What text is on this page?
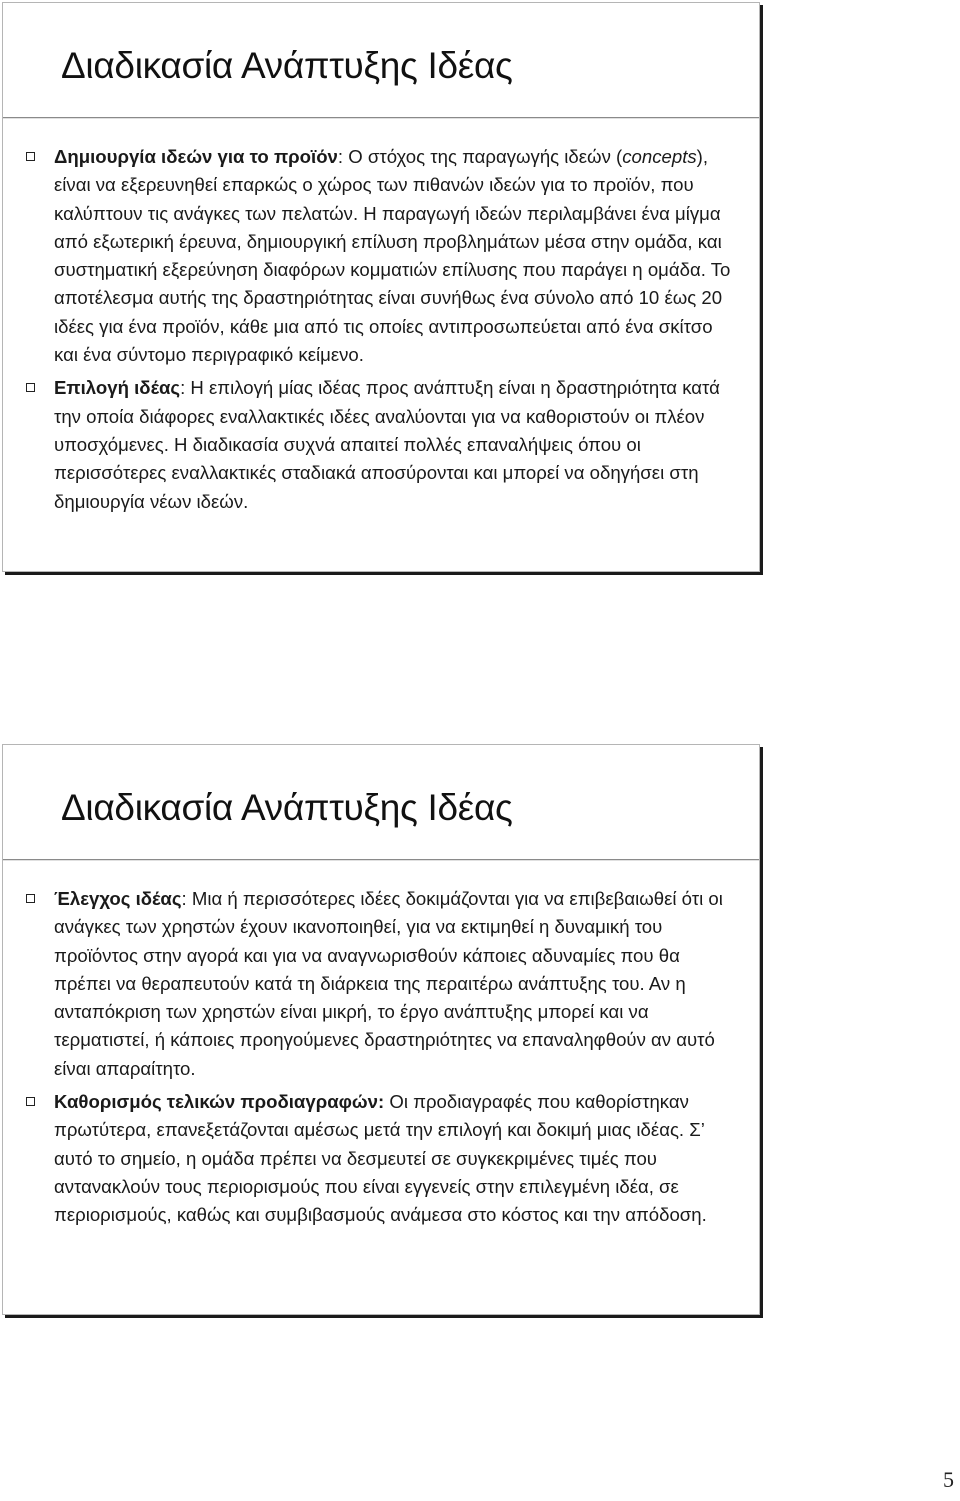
Διαδικασία Ανάπτυξης Ιδέας
Δημιουργία ιδεών για το προϊόν: Ο στόχος της παραγωγής ιδεών (concepts), είναι να εξερευνηθεί επαρκώς ο χώρος των πιθανών ιδεών για το προϊόν, που καλύπτουν τις ανάγκες των πελατών. Η παραγωγή ιδεών περιλαμβάνει ένα μίγμα από εξωτερική έρευνα, δημιουργική επίλυση προβλημάτων μέσα στην ομάδα, και συστηματική εξερεύνηση διαφόρων κομματιών επίλυσης που παράγει η ομάδα. Το αποτέλεσμα αυτής της δραστηριότητας είναι συνήθως ένα σύνολο από 10 έως 20 ιδέες για ένα προϊόν, κάθε μια από τις οποίες αντιπροσωπεύεται από ένα σκίτσο και ένα σύντομο περιγραφικό κείμενο.
Επιλογή ιδέας: Η επιλογή μίας ιδέας προς ανάπτυξη είναι η δραστηριότητα κατά την οποία διάφορες εναλλακτικές ιδέες αναλύονται για να καθοριστούν οι πλέον υποσχόμενες. Η διαδικασία συχνά απαιτεί πολλές επαναλήψεις όπου οι περισσότερες εναλλακτικές σταδιακά αποσύρονται και μπορεί να οδηγήσει στη δημιουργία νέων ιδεών.
Διαδικασία Ανάπτυξης Ιδέας
Έλεγχος ιδέας: Μια ή περισσότερες ιδέες δοκιμάζονται για να επιβεβαιωθεί ότι οι ανάγκες των χρηστών έχουν ικανοποιηθεί, για να εκτιμηθεί η δυναμική του προϊόντος στην αγορά και για να αναγνωρισθούν κάποιες αδυναμίες που θα πρέπει να θεραπευτούν κατά τη διάρκεια της περαιτέρω ανάπτυξης του. Αν η ανταπόκριση των χρηστών είναι μικρή, το έργο ανάπτυξης μπορεί και να τερματιστεί, ή κάποιες προηγούμενες δραστηριότητες να επαναληφθούν αν αυτό είναι απαραίτητο.
Καθορισμός τελικών προδιαγραφών: Οι προδιαγραφές που καθορίστηκαν πρωτύτερα, επανεξετάζονται αμέσως μετά την επιλογή και δοκιμή μιας ιδέας. Σ’ αυτό το σημείο, η ομάδα πρέπει να δεσμευτεί σε συγκεκριμένες τιμές που αντανακλούν τους περιορισμούς που είναι εγγενείς στην επιλεγμένη ιδέα, σε περιορισμούς, καθώς και συμβιβασμούς ανάμεσα στο κόστος και την απόδοση.
5
